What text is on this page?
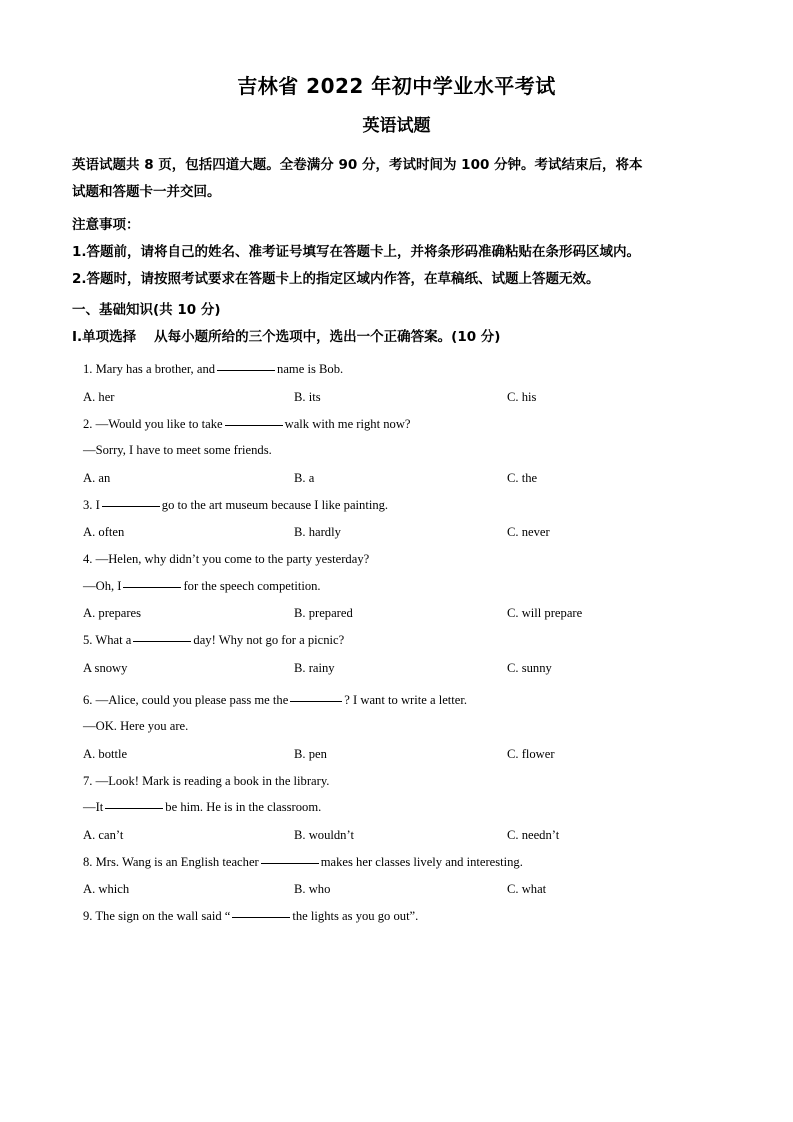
吉林省 2022 年初中学业水平考试
英语试题

英语试题共 8 页，包括四道大题。全卷满分 90 分，考试时间为 100 分钟。考试结束后，将本

试题和答题卡一并交回。

注意事项：

1.答题前，请将自己的姓名、准考证号填写在答题卡上，并将条形码准确粘贴在条形码区域内。

2.答题时，请按照考试要求在答题卡上的指定区域内作答，在草稿纸、试题上答题无效。

一、基础知识(共 10 分)

I.单项选择 从每小题所给的三个选项中，选出一个正确答案。(10 分)

1. Mary has a brother, and	name is Bob.

A. her	B. its	C. his

2. —Would you like to take	walk with me right now?

—Sorry, I have to meet some friends.

A. an	B. a	C. the

3. I	go to the art museum because I like painting.

A. often	B. hardly	C. never

4. —Helen, why didn’t you come to the party yesterday?

—Oh, I	for the speech competition.

A. prepares	B. prepared	C. will prepare

5. What a	day! Why not go for a picnic?

A snowy	B. rainy	C. sunny

6. —Alice, could you please pass me the	? I want to write a letter.

—OK. Here you are.

A. bottle	B. pen	C. flower

7. —Look! Mark is reading a book in the library.

—It	be him. He is in the classroom.

A. can’t	B. wouldn’t	C. needn’t

8. Mrs. Wang is an English teacher	makes her classes lively and interesting.

A. which	B. who	C. what

9. The sign on the wall said “	the lights as you go out”.
